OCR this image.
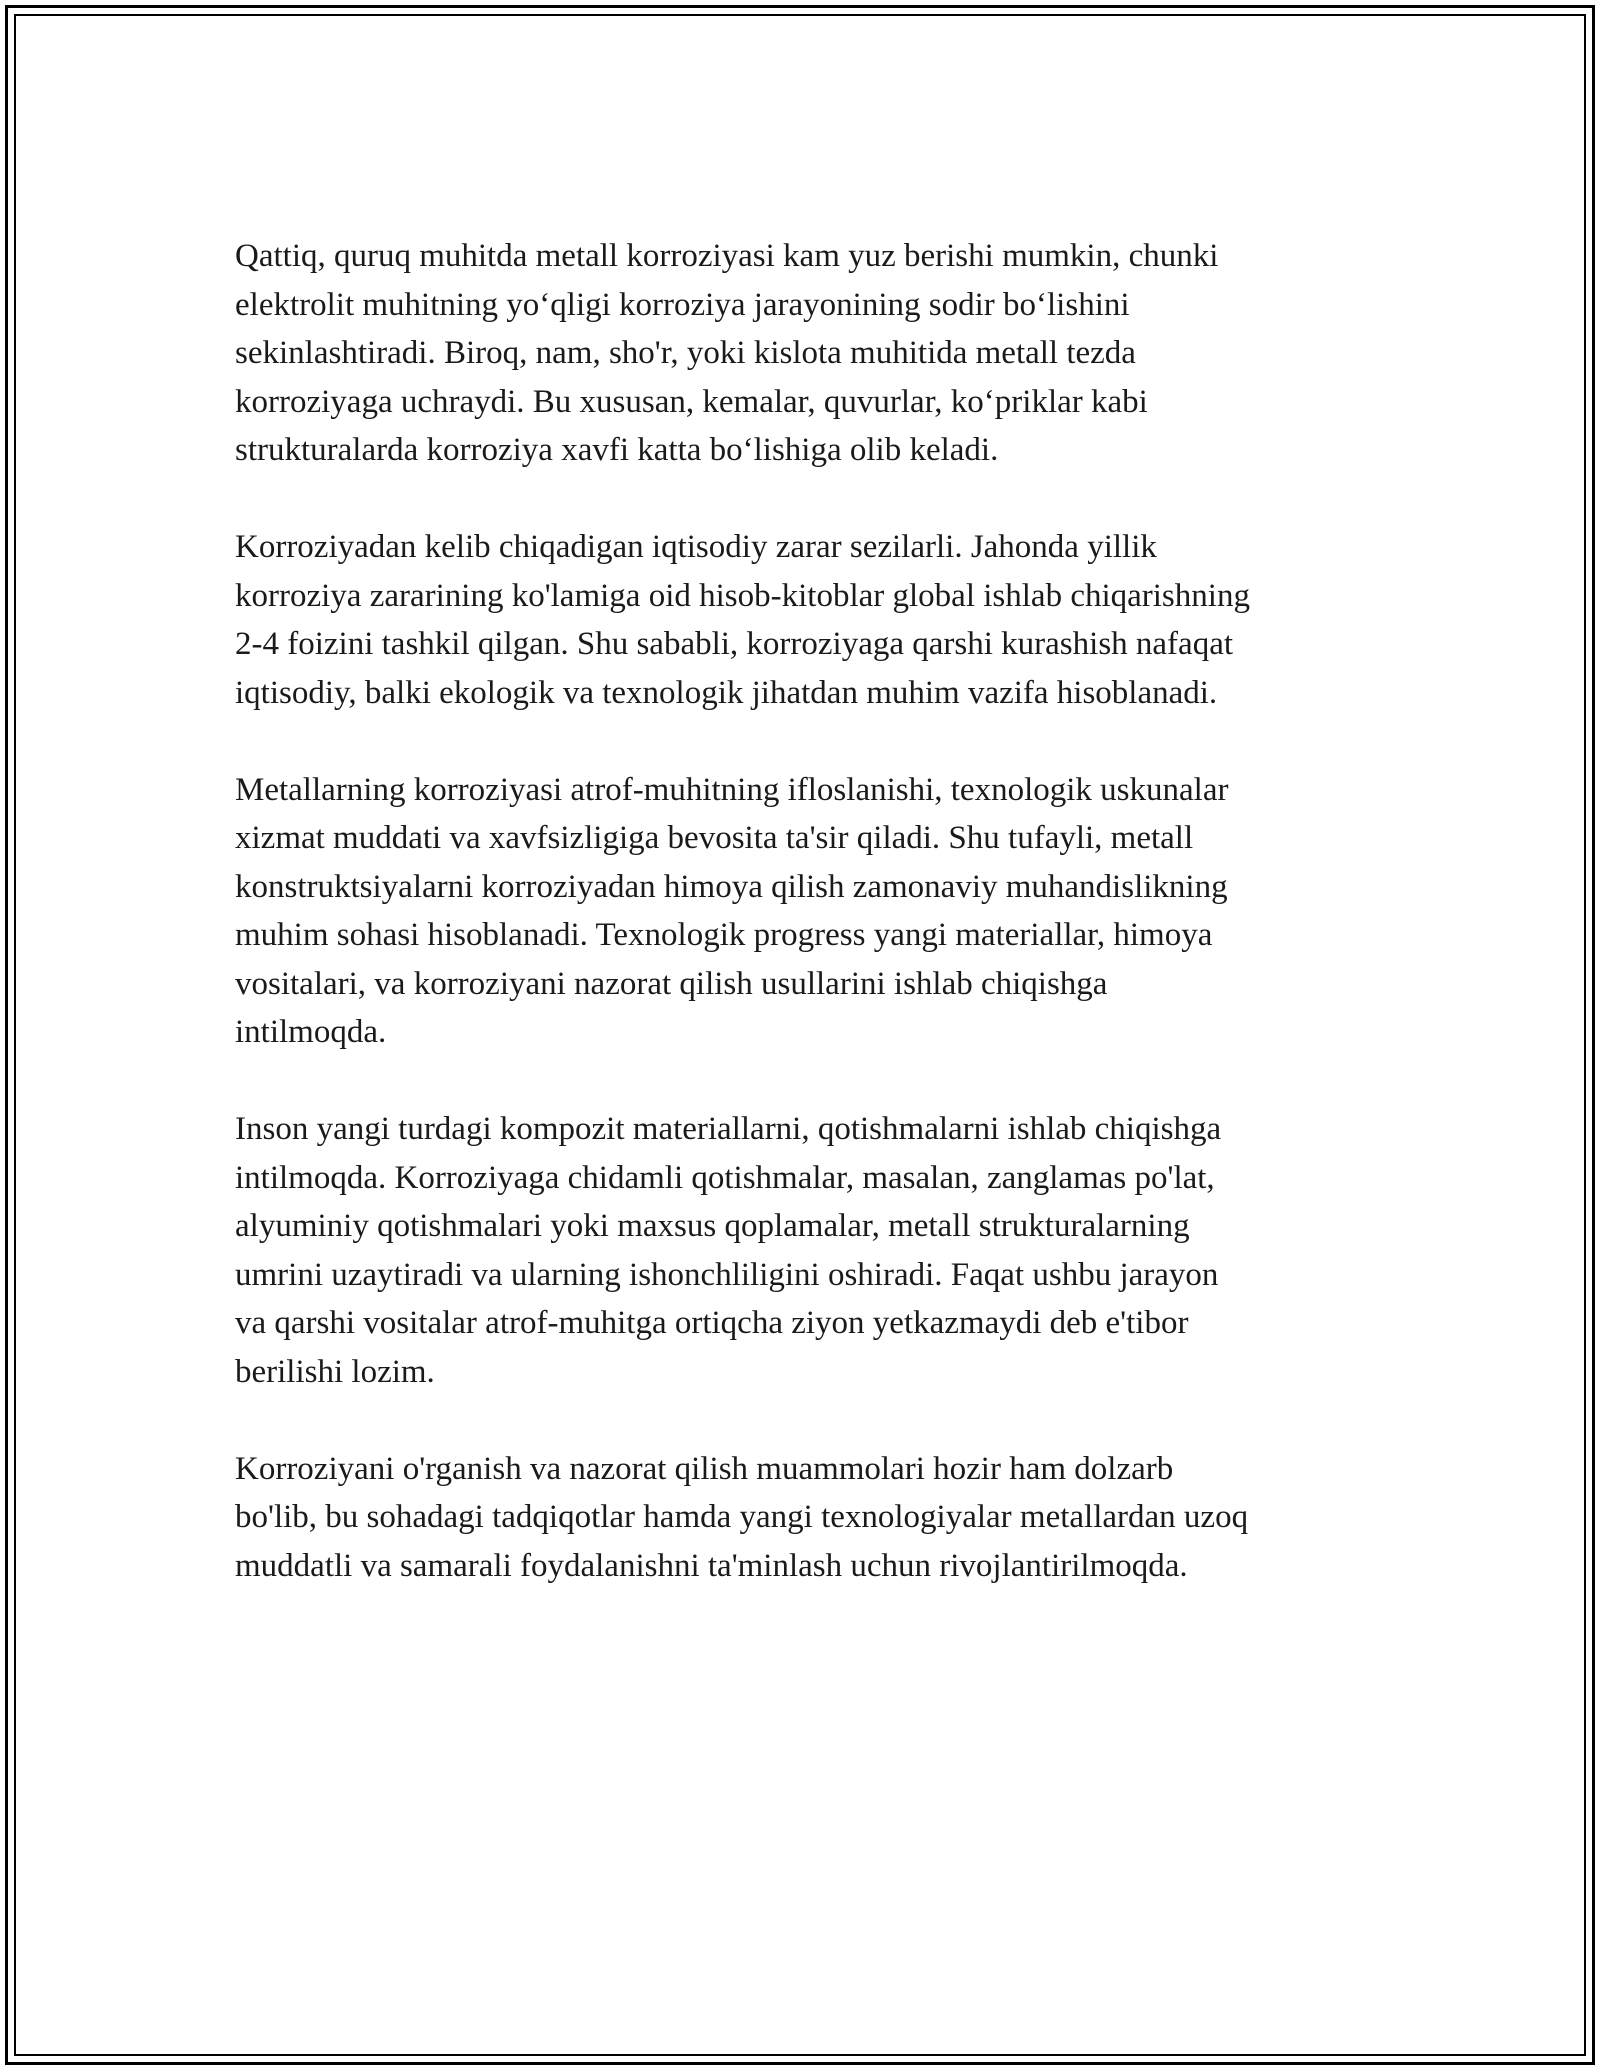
Qattiq, quruq muhitda metall korroziyasi kam yuz berishi mumkin, chunki
elektrolit muhitning yo‘qligi korroziya jarayonining sodir bo‘lishini
sekinlashtiradi. Biroq, nam, sho'r, yoki kislota muhitida metall tezda
korroziyaga uchraydi. Bu xususan, kemalar, quvurlar, ko‘priklar kabi
strukturalarda korroziya xavfi katta bo‘lishiga olib keladi.

Korroziyadan kelib chiqadigan iqtisodiy zarar sezilarli. Jahonda yillik
korroziya zararining ko'lamiga oid hisob-kitoblar global ishlab chiqarishning
2-4 foizini tashkil qilgan. Shu sababli, korroziyaga qarshi kurashish nafaqat
iqtisodiy, balki ekologik va texnologik jihatdan muhim vazifa hisoblanadi.

Metallarning korroziyasi atrof-muhitning ifloslanishi, texnologik uskunalar
xizmat muddati va xavfsizligiga bevosita ta'sir qiladi. Shu tufayli, metall
konstruktsiyalarni korroziyadan himoya qilish zamonaviy muhandislikning
muhim sohasi hisoblanadi. Texnologik progress yangi materiallar, himoya
vositalari, va korroziyani nazorat qilish usullarini ishlab chiqishga
intilmoqda.

Inson yangi turdagi kompozit materiallarni, qotishmalarni ishlab chiqishga
intilmoqda. Korroziyaga chidamli qotishmalar, masalan, zanglamas po'lat,
alyuminiy qotishmalari yoki maxsus qoplamalar, metall strukturalarning
umrini uzaytiradi va ularning ishonchliligini oshiradi. Faqat ushbu jarayon
va qarshi vositalar atrof-muhitga ortiqcha ziyon yetkazmaydi deb e'tibor
berilishi lozim.

Korroziyani o'rganish va nazorat qilish muammolari hozir ham dolzarb
bo'lib, bu sohadagi tadqiqotlar hamda yangi texnologiyalar metallardan uzoq
muddatli va samarali foydalanishni ta'minlash uchun rivojlantirilmoqda.
